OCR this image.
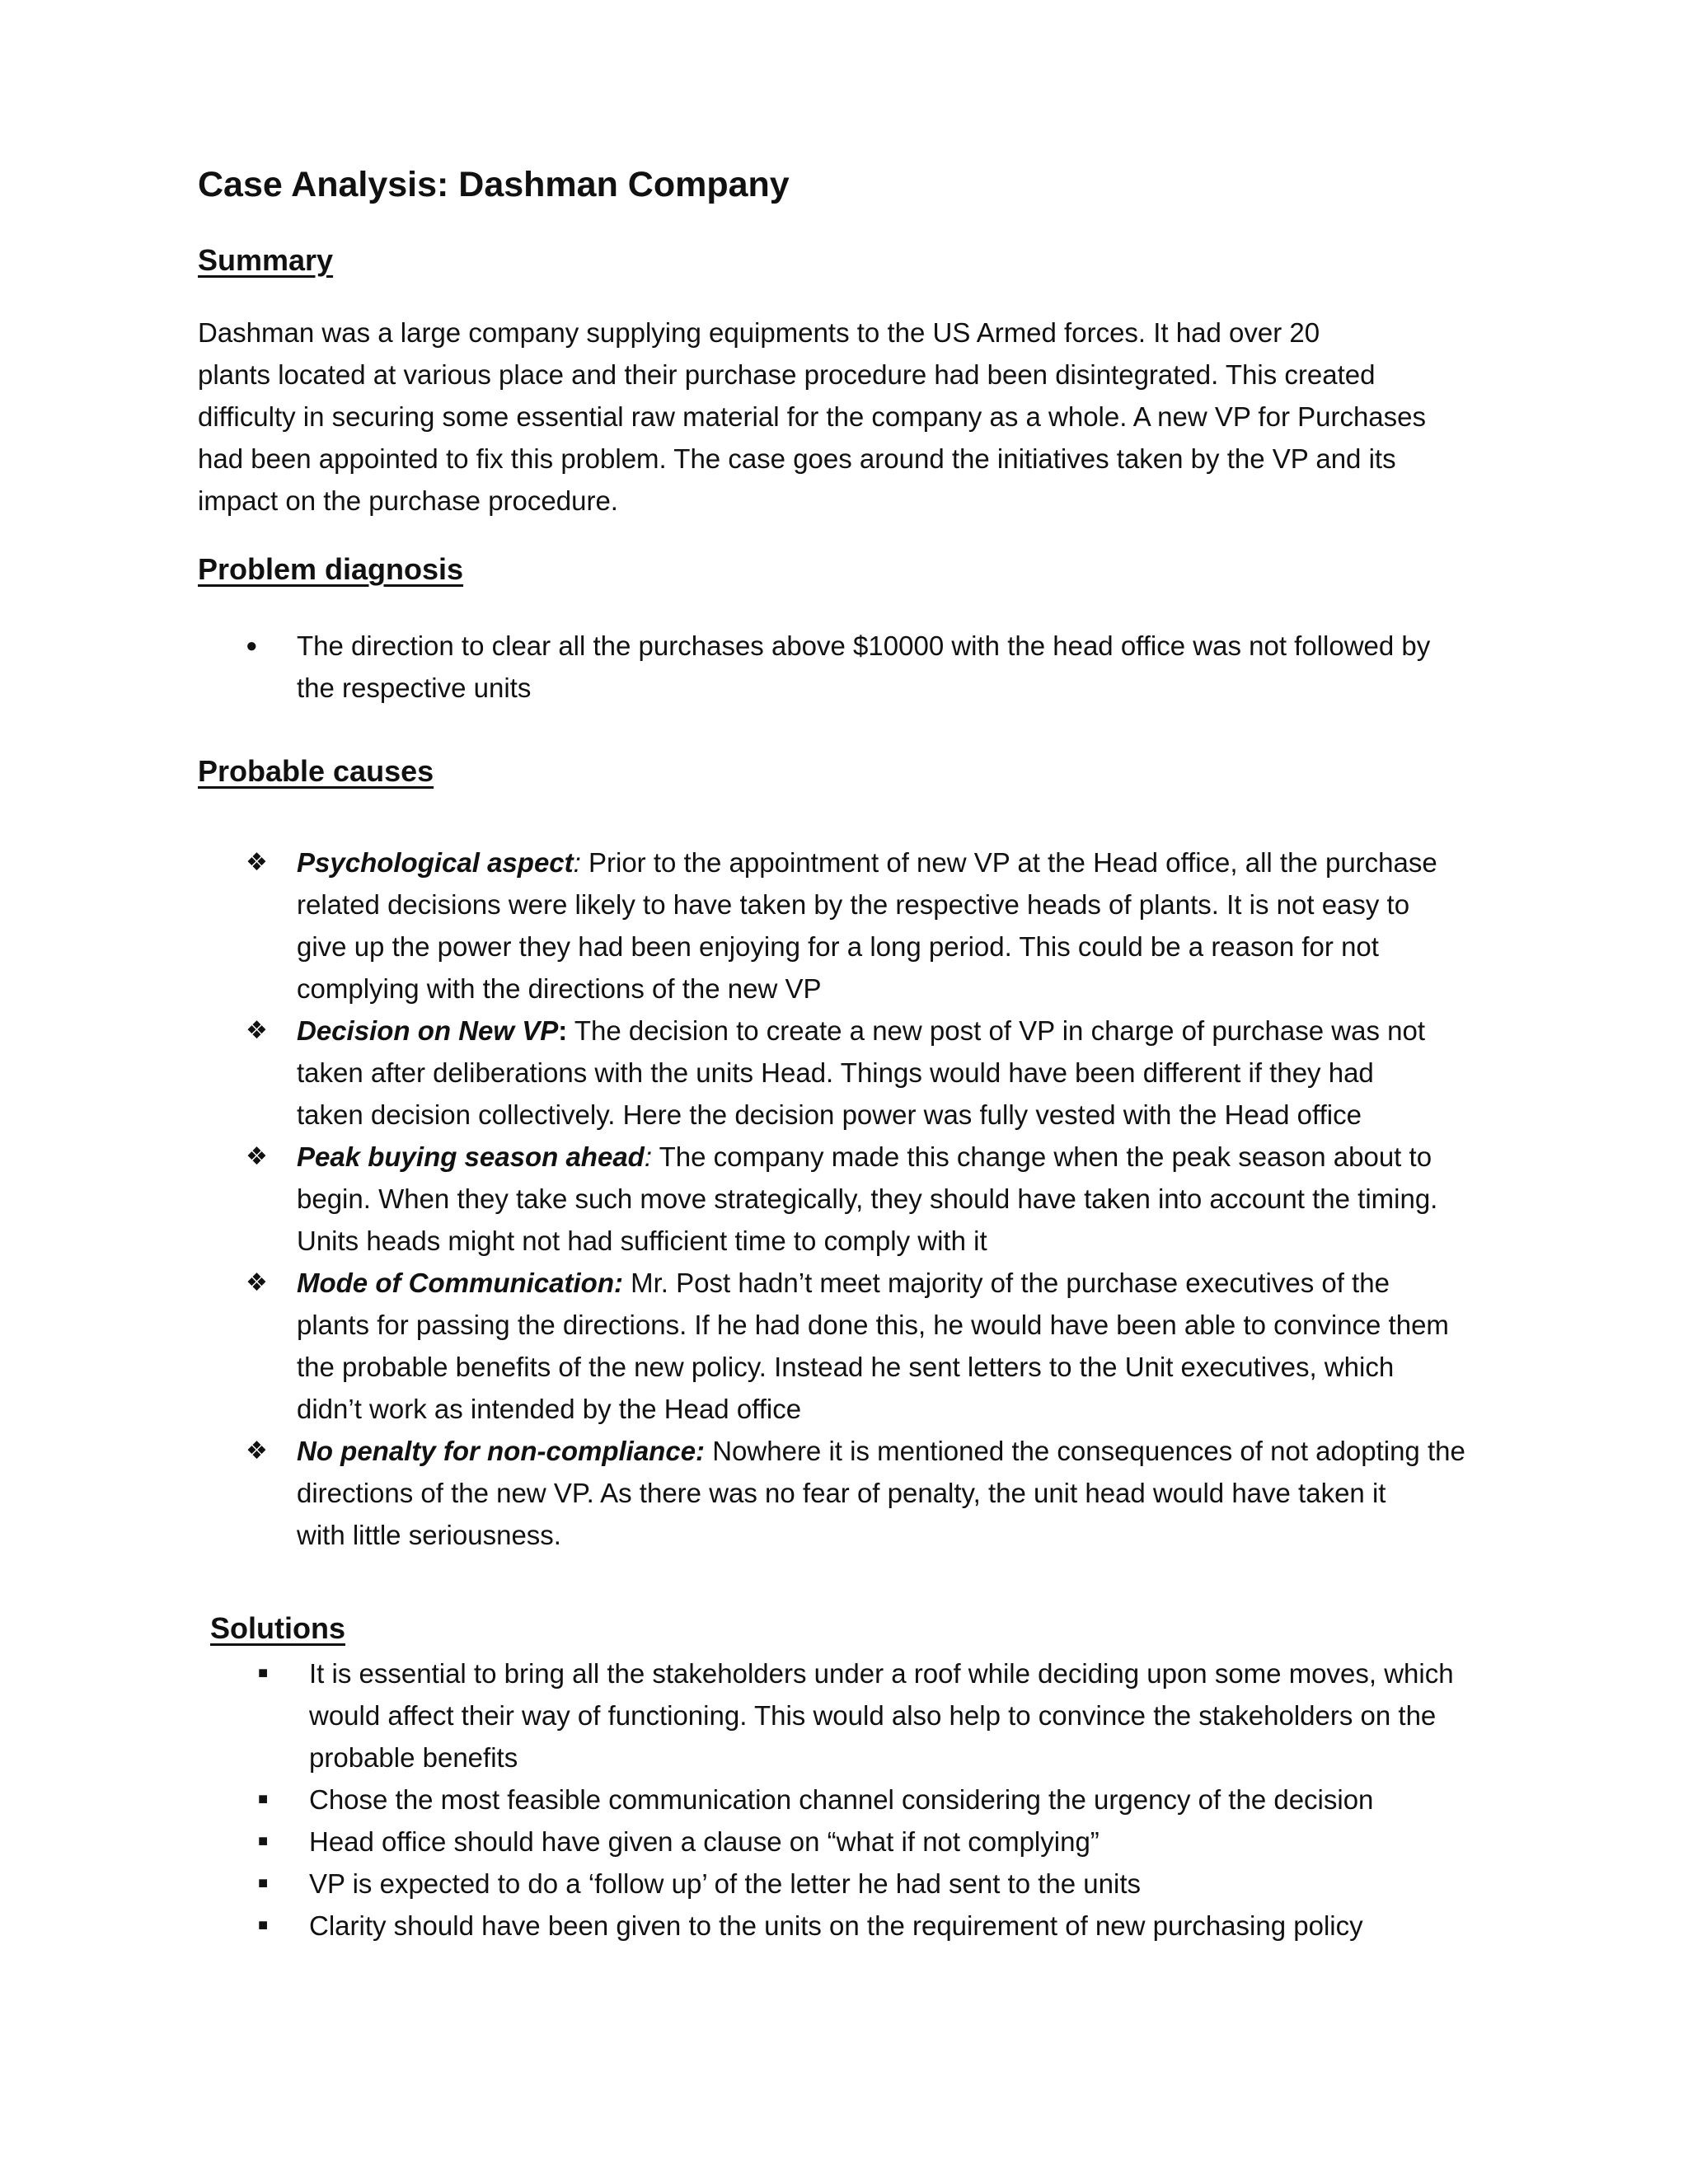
Case Analysis: Dashman Company
Summary

Dashman was a large company supplying equipments to the US Armed forces. It had over 20
plants located at various place and their purchase procedure had been disintegrated. This created
difficulty in securing some essential raw material for the company as a whole. A new VP for Purchases
had been appointed to fix this problem. The case goes around the initiatives taken by the VP and its
impact on the purchase procedure.

Problem diagnosis
● The direction to clear all the purchases above $10000 with the head office was not followed by
the respective units
Probable causes
❖ Psychological aspect: Prior to the appointment of new VP at the Head office, all the purchase
related decisions were likely to have taken by the respective heads of plants. It is not easy to
give up the power they had been enjoying for a long period. This could be a reason for not
complying with the directions of the new VP
❖ Decision on New VP: The decision to create a new post of VP in charge of purchase was not
taken after deliberations with the units Head. Things would have been different if they had
taken decision collectively. Here the decision power was fully vested with the Head office
❖ Peak buying season ahead: The company made this change when the peak season about to
begin. When they take such move strategically, they should have taken into account the timing.
Units heads might not had sufficient time to comply with it
❖ Mode of Communication: Mr. Post hadn’t meet majority of the purchase executives of the
plants for passing the directions. If he had done this, he would have been able to convince them
the probable benefits of the new policy. Instead he sent letters to the Unit executives, which
didn’t work as intended by the Head office
❖ No penalty for non-compliance: Nowhere it is mentioned the consequences of not adopting the
directions of the new VP. As there was no fear of penalty, the unit head would have taken it
with little seriousness.
Solutions
■ It is essential to bring all the stakeholders under a roof while deciding upon some moves, which
would affect their way of functioning. This would also help to convince the stakeholders on the
probable benefits
■ Chose the most feasible communication channel considering the urgency of the decision
■ Head office should have given a clause on “what if not complying”
■ VP is expected to do a ‘follow up’ of the letter he had sent to the units
■ Clarity should have been given to the units on the requirement of new purchasing policy
